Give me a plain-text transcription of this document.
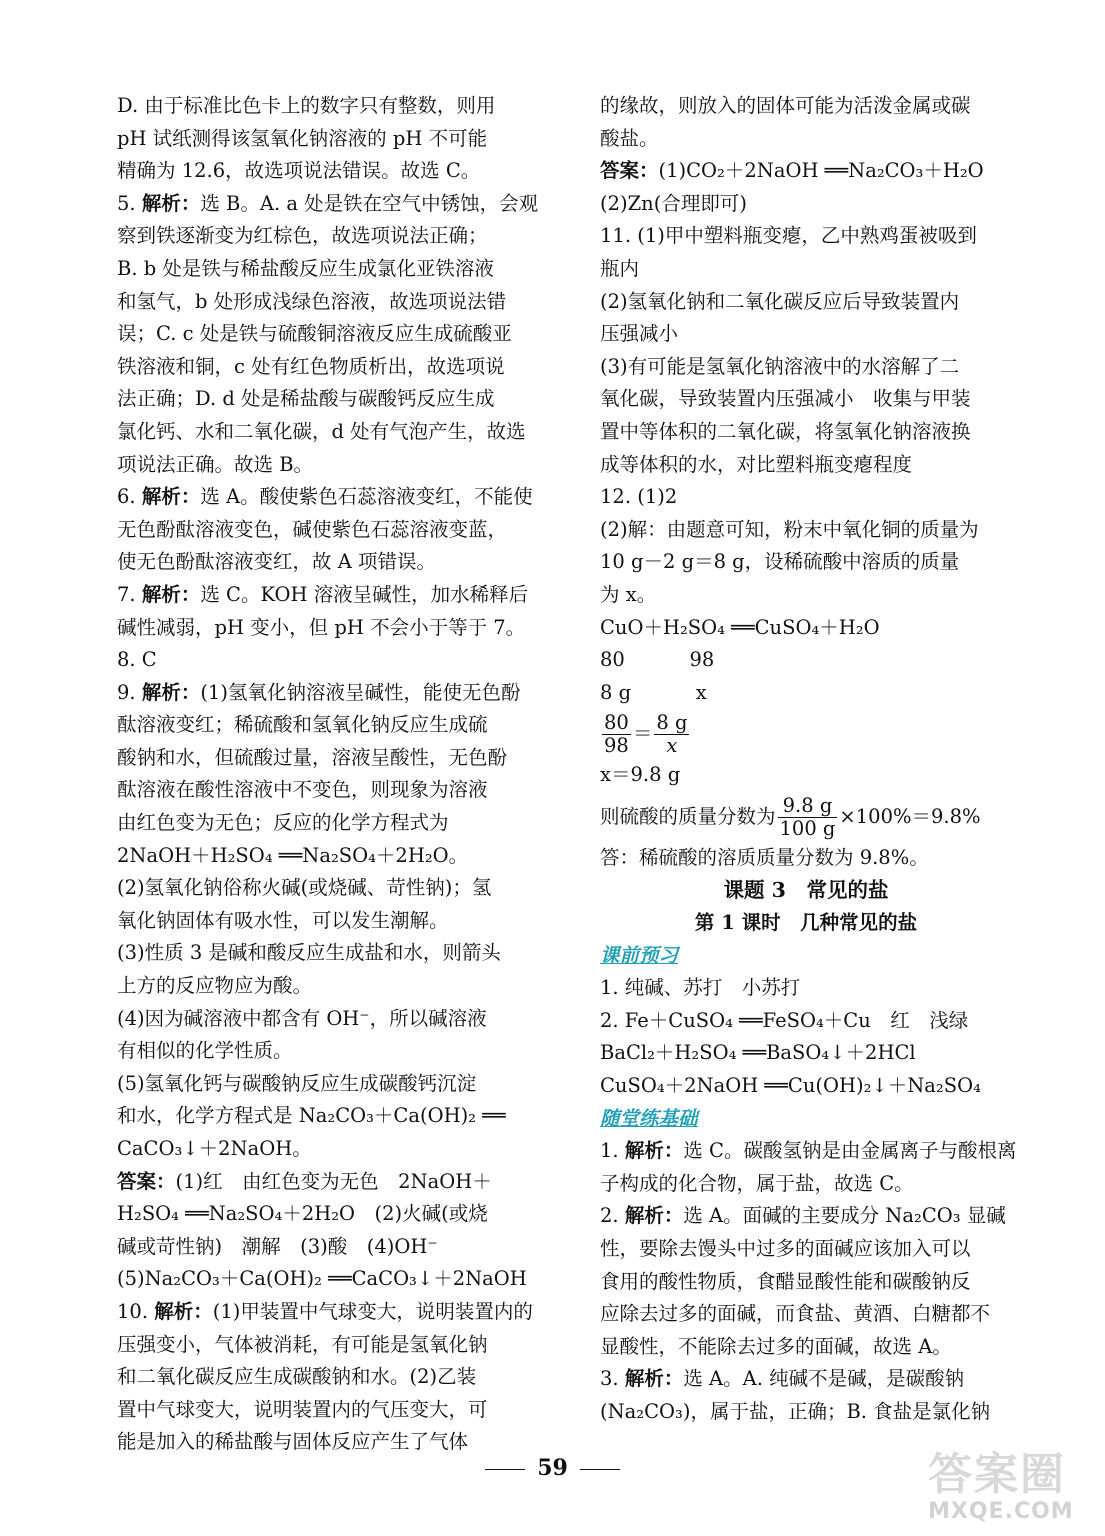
D. 由于标准比色卡上的数字只有整数，则用

pH 试纸测得该氢氧化钠溶液的 pH 不可能

精确为 12.6，故选项说法错误。故选 C。

5. 解析：选 B。A. a 处是铁在空气中锈蚀，会观

察到铁逐渐变为红棕色，故选项说法正确；

B. b 处是铁与稀盐酸反应生成氯化亚铁溶液

和氢气，b 处形成浅绿色溶液，故选项说法错

误；C. c 处是铁与硫酸铜溶液反应生成硫酸亚

铁溶液和铜，c 处有红色物质析出，故选项说

法正确；D. d 处是稀盐酸与碳酸钙反应生成

氯化钙、水和二氧化碳，d 处有气泡产生，故选

项说法正确。故选 B。

6. 解析：选 A。酸使紫色石蕊溶液变红，不能使

无色酚酞溶液变色，碱使紫色石蕊溶液变蓝，

使无色酚酞溶液变红，故 A 项错误。

7. 解析：选 C。KOH 溶液呈碱性，加水稀释后

碱性减弱，pH 变小，但 pH 不会小于等于 7。

8. C

9. 解析：(1)氢氧化钠溶液呈碱性，能使无色酚

酞溶液变红；稀硫酸和氢氧化钠反应生成硫

酸钠和水，但硫酸过量，溶液呈酸性，无色酚

酞溶液在酸性溶液中不变色，则现象为溶液

由红色变为无色；反应的化学方程式为

2NaOH＋H₂SO₄ ══Na₂SO₄＋2H₂O。

(2)氢氧化钠俗称火碱(或烧碱、苛性钠)；氢

氧化钠固体有吸水性，可以发生潮解。

(3)性质 3 是碱和酸反应生成盐和水，则箭头

上方的反应物应为酸。

(4)因为碱溶液中都含有 OH⁻，所以碱溶液

有相似的化学性质。

(5)氢氧化钙与碳酸钠反应生成碳酸钙沉淀

和水，化学方程式是 Na₂CO₃＋Ca(OH)₂ ══

CaCO₃↓＋2NaOH。

答案：(1)红　由红色变为无色　2NaOH＋

H₂SO₄ ══Na₂SO₄＋2H₂O　(2)火碱(或烧

碱或苛性钠)　潮解　(3)酸　(4)OH⁻

(5)Na₂CO₃＋Ca(OH)₂ ══CaCO₃↓＋2NaOH

10. 解析：(1)甲装置中气球变大，说明装置内的

压强变小，气体被消耗，有可能是氢氧化钠

和二氧化碳反应生成碳酸钠和水。(2)乙装

置中气球变大，说明装置内的气压变大，可

能是加入的稀盐酸与固体反应产生了气体

的缘故，则放入的固体可能为活泼金属或碳

酸盐。

答案：(1)CO₂＋2NaOH ══Na₂CO₃＋H₂O

(2)Zn(合理即可)

11. (1)甲中塑料瓶变瘪，乙中熟鸡蛋被吸到

瓶内

(2)氢氧化钠和二氧化碳反应后导致装置内

压强减小

(3)有可能是氢氧化钠溶液中的水溶解了二

氧化碳，导致装置内压强减小　收集与甲装

置中等体积的二氧化碳，将氢氧化钠溶液换

成等体积的水，对比塑料瓶变瘪程度

12. (1)2

(2)解：由题意可知，粉末中氧化铜的质量为

10 g－2 g＝8 g，设稀硫酸中溶质的质量

为 x。

CuO＋H₂SO₄ ══CuSO₄＋H₂O

80　　　 98

8 g　　　 x

$\frac{80}{98} = \frac{8 g}{x}$

x＝9.8 g

则硫酸的质量分数为 $\frac{9.8 g}{100 g} \times 100\%=9.8\%$

答：稀硫酸的溶质质量分数为 9.8%。

课题 3　常见的盐

第 1 课时　几种常见的盐

课前预习

1. 纯碱、苏打　小苏打

2. Fe＋CuSO₄ ══FeSO₄＋Cu　红　浅绿

BaCl₂＋H₂SO₄ ══BaSO₄↓＋2HCl

CuSO₄＋2NaOH ══Cu(OH)₂↓＋Na₂SO₄

随堂练基础

1. 解析：选 C。碳酸氢钠是由金属离子与酸根离

子构成的化合物，属于盐，故选 C。

2. 解析：选 A。面碱的主要成分 Na₂CO₃ 显碱

性，要除去馒头中过多的面碱应该加入可以

食用的酸性物质，食醋显酸性能和碳酸钠反

应除去过多的面碱，而食盐、黄酒、白糖都不

显酸性，不能除去过多的面碱，故选 A。

3. 解析：选 A。A. 纯碱不是碱，是碳酸钠

(Na₂CO₃)，属于盐，正确；B. 食盐是氯化钠

59	答案圈
MXQE.COM
